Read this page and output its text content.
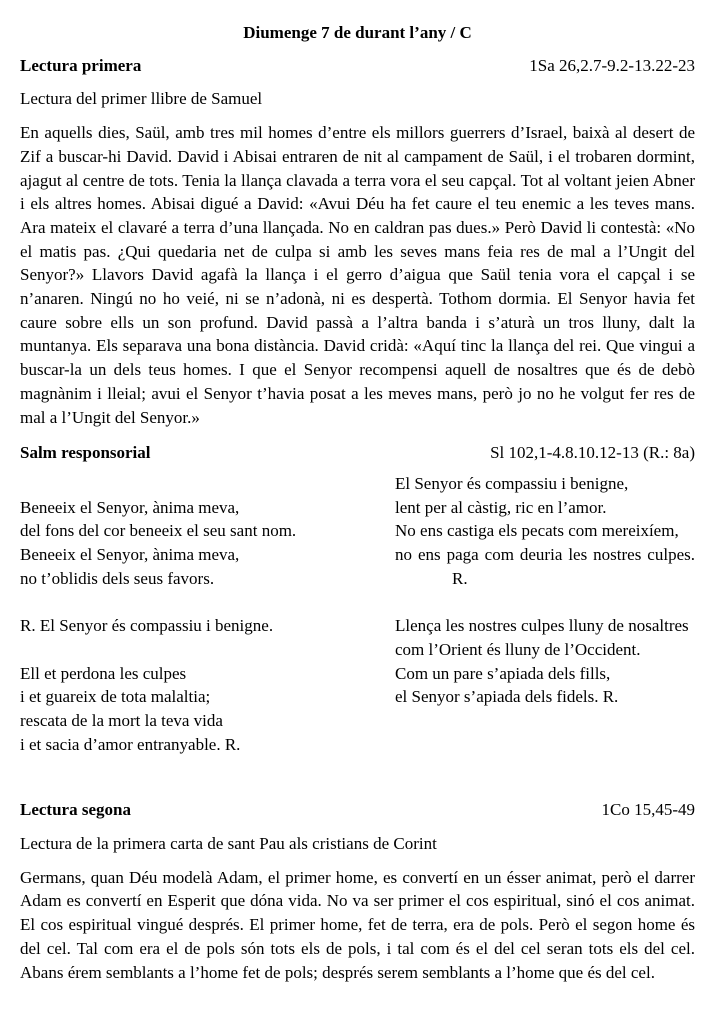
Diumenge 7 de durant l’any / C
Lectura primera	1Sa 26,2.7-9.2-13.22-23

Lectura del primer llibre de Samuel

En aquells dies, Saül, amb tres mil homes d’entre els millors guerrers d’Israel, baixà al desert de Zif a buscar-hi David. David i Abisai entraren de nit al campament de Saül, i el trobaren dormint, ajagut al centre de tots. Tenia la llança clavada a terra vora el seu capçal. Tot al voltant jeien Abner i els altres homes. Abisai digué a David: «Avui Déu ha fet caure el teu enemic a les teves mans. Ara mateix el clavaré a terra d’una llançada. No en caldran pas dues.» Però David li contestà: «No el matis pas. ¿Qui quedaria net de culpa si amb les seves mans feia res de mal a l’Ungit del Senyor?» Llavors David agafà la llança i el gerro d’aigua que Saül tenia vora el capçal i se n’anaren. Ningú no ho veié, ni se n’adonà, ni es despertà. Tothom dormia. El Senyor havia fet caure sobre ells un son profund. David passà a l’altra banda i s’aturà un tros lluny, dalt la muntanya. Els separava una bona distància. David cridà: «Aquí tinc la llança del rei. Que vingui a buscar-la un dels teus homes. I que el Senyor recompensi aquell de nosaltres que és de debò magnànim i lleial; avui el Senyor t’havia posat a les meves mans, però jo no he volgut fer res de mal a l’Ungit del Senyor.»

Salm responsorial	Sl 102,1-4.8.10.12-13 (R.: 8a)

Beneeix el Senyor, ànima meva,

del fons del cor beneeix el seu sant nom.

Beneeix el Senyor, ànima meva,

no t’oblidis dels seus favors.

R. El Senyor és compassiu i benigne.

Ell et perdona les culpes

i et guareix de tota malaltia;

rescata de la mort la teva vida

i et sacia d’amor entranyable. R.

El Senyor és compassiu i benigne,

lent per al càstig, ric en l’amor.

No ens castiga els pecats com mereixíem,

no ens paga com deuria les nostres culpes. R.

Llença les nostres culpes lluny de nosaltres

com l’Orient és lluny de l’Occident.

Com un pare s’apiada dels fills,

el Senyor s’apiada dels fidels. R.

Lectura segona	1Co 15,45-49

Lectura de la primera carta de sant Pau als cristians de Corint

Germans, quan Déu modelà Adam, el primer home, es convertí en un ésser animat, però el darrer Adam es convertí en Esperit que dóna vida. No va ser primer el cos espiritual, sinó el cos animat. El cos espiritual vingué després. El primer home, fet de terra, era de pols. Però el segon home és del cel. Tal com era el de pols són tots els de pols, i tal com és el del cel seran tots els del cel. Abans érem semblants a l’home fet de pols; després serem semblants a l’home que és del cel.
